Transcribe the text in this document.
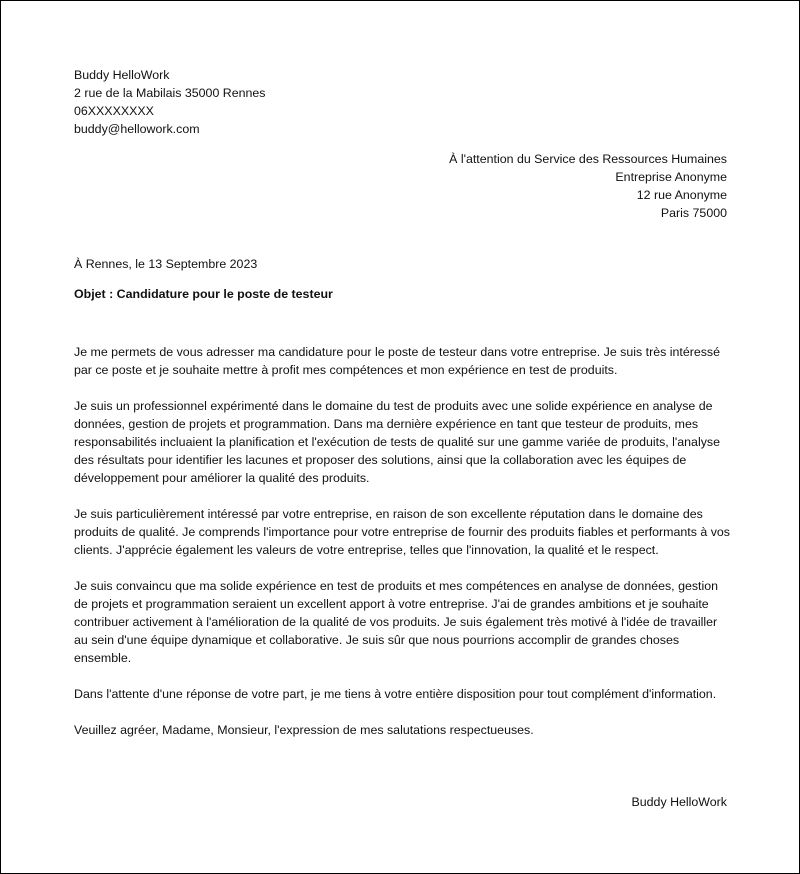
Buddy HelloWork
2 rue de la Mabilais 35000 Rennes
06XXXXXXXX
buddy@hellowork.com
À l'attention du Service des Ressources Humaines
Entreprise Anonyme
12 rue Anonyme
Paris 75000
À Rennes, le 13 Septembre 2023
Objet : Candidature pour le poste de testeur

Je me permets de vous adresser ma candidature pour le poste de testeur dans votre entreprise. Je suis très intéressé par ce poste et je souhaite mettre à profit mes compétences et mon expérience en test de produits.

Je suis un professionnel expérimenté dans le domaine du test de produits avec une solide expérience en analyse de données, gestion de projets et programmation. Dans ma dernière expérience en tant que testeur de produits, mes responsabilités incluaient la planification et l'exécution de tests de qualité sur une gamme variée de produits, l'analyse des résultats pour identifier les lacunes et proposer des solutions, ainsi que la collaboration avec les équipes de développement pour améliorer la qualité des produits.

Je suis particulièrement intéressé par votre entreprise, en raison de son excellente réputation dans le domaine des produits de qualité. Je comprends l'importance pour votre entreprise de fournir des produits fiables et performants à vos clients. J'apprécie également les valeurs de votre entreprise, telles que l'innovation, la qualité et le respect.

Je suis convaincu que ma solide expérience en test de produits et mes compétences en analyse de données, gestion de projets et programmation seraient un excellent apport à votre entreprise. J'ai de grandes ambitions et je souhaite contribuer activement à l'amélioration de la qualité de vos produits. Je suis également très motivé à l'idée de travailler au sein d'une équipe dynamique et collaborative. Je suis sûr que nous pourrions accomplir de grandes choses ensemble.

Dans l'attente d'une réponse de votre part, je me tiens à votre entière disposition pour tout complément d'information.

Veuillez agréer, Madame, Monsieur, l'expression de mes salutations respectueuses.

Buddy HelloWork
